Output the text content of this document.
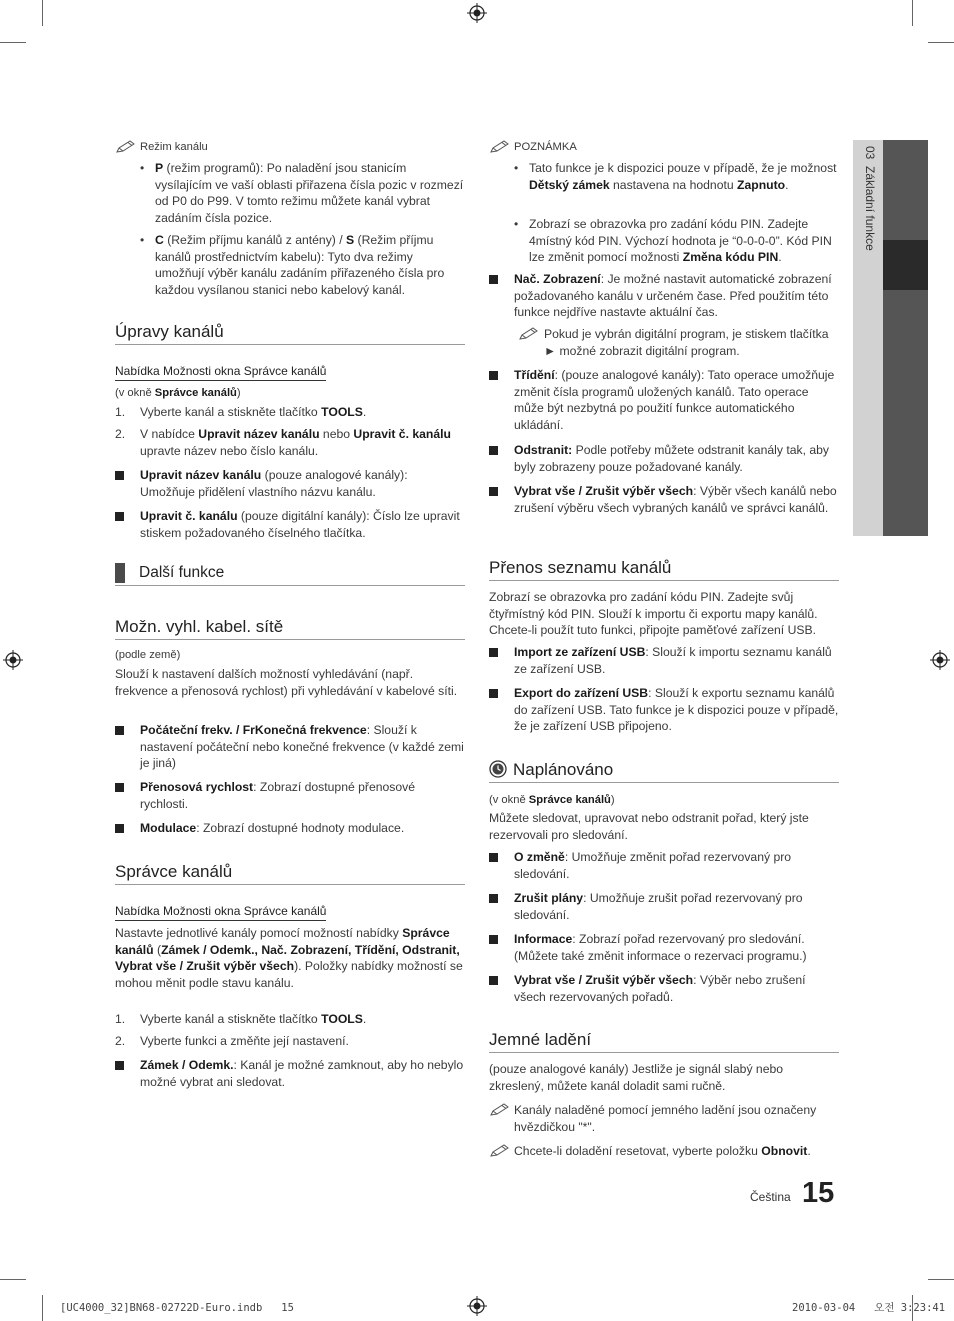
03  Základní funkce
Režim kanálu
• P (režim programů): Po naladění jsou stanicím vysílajícím ve vaší oblasti přiřazena čísla pozic v rozmezí od P0 do P99. V tomto režimu můžete kanál vybrat zadáním čísla pozice.
• C (Režim příjmu kanálů z antény) / S (Režim příjmu kanálů prostřednictvím kabelu): Tyto dva režimy umožňují výběr kanálu zadáním přiřazeného čísla pro každou vysílanou stanici nebo kabelový kanál.
Úpravy kanálů
Nabídka Možnosti okna Správce kanálů
(v okně Správce kanálů)
1. Vyberte kanál a stiskněte tlačítko TOOLS.
2. V nabídce Upravit název kanálu nebo Upravit č. kanálu upravte název nebo číslo kanálu.
Upravit název kanálu (pouze analogové kanály): Umožňuje přidělení vlastního názvu kanálu.
Upravit č. kanálu (pouze digitální kanály): Číslo lze upravit stiskem požadovaného číselného tlačítka.
Další funkce
Možn. vyhl. kabel. sítě
(podle země)
Slouží k nastavení dalších možností vyhledávání (např. frekvence a přenosová rychlost) při vyhledávání v kabelové síti.
Počáteční frekv. / FrKonečná frekvence: Slouží k nastavení počáteční nebo konečné frekvence (v každé zemi je jiná)
Přenosová rychlost: Zobrazí dostupné přenosové rychlosti.
Modulace: Zobrazí dostupné hodnoty modulace.
Správce kanálů
Nabídka Možnosti okna Správce kanálů
Nastavte jednotlivé kanály pomocí možností nabídky Správce kanálů (Zámek / Odemk., Nač. Zobrazení, Třídění, Odstranit, Vybrat vše / Zrušit výběr všech). Položky nabídky možností se mohou měnit podle stavu kanálu.
1. Vyberte kanál a stiskněte tlačítko TOOLS.
2. Vyberte funkci a změňte její nastavení.
Zámek / Odemk.: Kanál je možné zamknout, aby ho nebylo možné vybrat ani sledovat.
POZNÁMKA
• Tato funkce je k dispozici pouze v případě, že je možnost Dětský zámek nastavena na hodnotu Zapnuto.
• Zobrazí se obrazovka pro zadání kódu PIN. Zadejte 4místný kód PIN. Výchozí hodnota je “0-0-0-0”. Kód PIN lze změnit pomocí možnosti Změna kódu PIN.
Nač. Zobrazení: Je možné nastavit automatické zobrazení požadovaného kanálu v určeném čase. Před použitím této funkce nejdříve nastavte aktuální čas.
Pokud je vybrán digitální program, je stiskem tlačítka ► možné zobrazit digitální program.
Třídění: (pouze analogové kanály): Tato operace umožňuje změnit čísla programů uložených kanálů. Tato operace může být nezbytná po použití funkce automatického ukládání.
Odstranit: Podle potřeby můžete odstranit kanály tak, aby byly zobrazeny pouze požadované kanály.
Vybrat vše / Zrušit výběr všech: Výběr všech kanálů nebo zrušení výběru všech vybraných kanálů ve správci kanálů.
Přenos seznamu kanálů
Zobrazí se obrazovka pro zadání kódu PIN. Zadejte svůj čtyřmístný kód PIN. Slouží k importu či exportu mapy kanálů. Chcete-li použít tuto funkci, připojte paměťové zařízení USB.
Import ze zařízení USB: Slouží k importu seznamu kanálů ze zařízení USB.
Export do zařízení USB: Slouží k exportu seznamu kanálů do zařízení USB. Tato funkce je k dispozici pouze v případě, že je zařízení USB připojeno.
Naplánováno
(v okně Správce kanálů)
Můžete sledovat, upravovat nebo odstranit pořad, který jste rezervovali pro sledování.
O změně: Umožňuje změnit pořad rezervovaný pro sledování.
Zrušit plány: Umožňuje zrušit pořad rezervovaný pro sledování.
Informace: Zobrazí pořad rezervovaný pro sledování. (Můžete také změnit informace o rezervaci programu.)
Vybrat vše / Zrušit výběr všech: Výběr nebo zrušení všech rezervovaných pořadů.
Jemné ladění
(pouze analogové kanály) Jestliže je signál slabý nebo zkreslený, můžete kanál doladit sami ručně.
Kanály naladěné pomocí jemného ladění jsou označeny hvězdičkou "*".
Chcete-li doladění resetovat, vyberte položku Obnovit.
Čeština 15
[UC4000_32]BN68-02722D-Euro.indb   15	2010-03-04   오전 3:23:41
